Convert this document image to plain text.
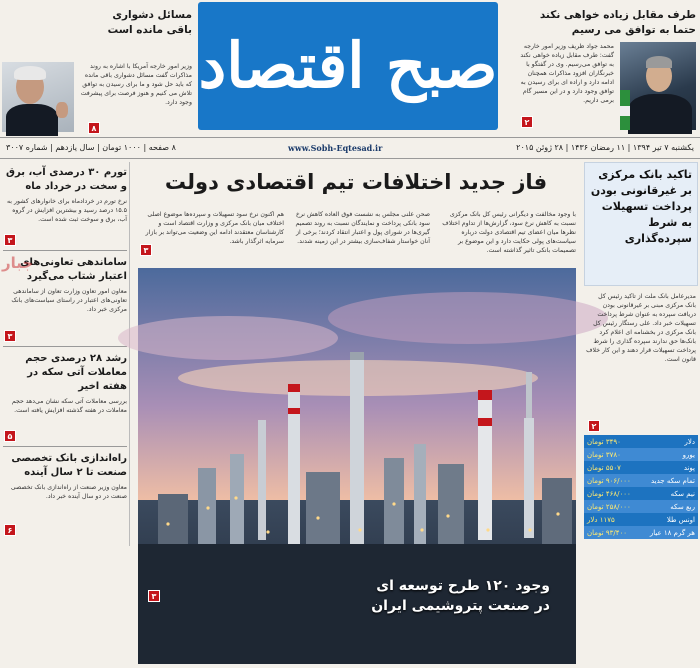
صبح اقتصاد
طرف مقابل زیاده خواهی نکند
حتما به توافق می رسیم
محمد جواد ظریف وزیر امور خارجه گفت: طرف مقابل زیاده خواهی نکند به توافق می‌رسیم. وی در گفتگو با خبرنگاران افزود مذاکرات همچنان ادامه دارد و اراده ای برای رسیدن به توافق وجود دارد و در این مسیر گام برمی داریم.
۲
مسائل دشواری
باقی مانده است
وزیر امور خارجه آمریکا با اشاره به روند مذاکرات گفت مسائل دشواری باقی مانده که باید حل شود و ما برای رسیدن به توافق تلاش می کنیم و هنوز فرصت برای پیشرفت وجود دارد.
۸
۸ صفحه | ۱۰۰۰ تومان | سال یازدهم | شماره ۳۰۰۷	www.Sobh-Eqtesad.ir	یکشنبه ۷ تیر ۱۳۹۴ | ۱۱ رمضان ۱۴۳۶ | ۲۸ ژوئن ۲۰۱۵
تورم ۳۰ درصدی آب، برق و سخت در خرداد ماه
نرخ تورم در خردادماه برای خانوارهای کشور به ۱۵.۵ درصد رسید و بیشترین افزایش در گروه آب، برق و سوخت ثبت شده است.
۳
ساماندهی تعاونی‌های اعتبار شتاب می‌گیرد
معاون امور تعاون وزارت تعاون از ساماندهی تعاونی‌های اعتبار در راستای سیاست‌های بانک مرکزی خبر داد.
جبار
۳
رشد ۲۸ درصدی حجم معاملات آتی سکه در هفته اخیر
بررسی معاملات آتی سکه نشان می‌دهد حجم معاملات در هفته گذشته افزایش یافته است.
۵
راه‌اندازی بانک تخصصی صنعت تا ۲ سال آینده
معاون وزیر صنعت از راه‌اندازی بانک تخصصی صنعت در دو سال آینده خبر داد.
۶
فاز جدید اختلافات تیم اقتصادی دولت
با وجود مخالفت و دیگرانی رئیس کل بانک مرکزی نسبت به کاهش نرخ سود، گزارش‌ها از تداوم اختلاف نظرها میان اعضای تیم اقتصادی دولت درباره سیاست‌های پولی حکایت دارد و این موضوع بر تصمیمات بانکی تاثیر گذاشته است.
صحن علنی مجلس به نشست فوق العاده کاهش نرخ سود بانکی پرداخت و نمایندگان نسبت به روند تصمیم گیری‌ها در شورای پول و اعتبار انتقاد کردند؛ برخی از آنان خواستار شفاف‌سازی بیشتر در این زمینه شدند.
هم اکنون نرخ سود تسهیلات و سپرده‌ها موضوع اصلی اختلاف میان بانک مرکزی و وزارت اقتصاد است و کارشناسان معتقدند ادامه این وضعیت می‌تواند بر بازار سرمایه اثرگذار باشد.
۳
وجود ۱۲۰ طرح توسعه ای
در صنعت پتروشیمی ایران
۳
تاکید بانک مرکزی بر غیرقانونی بودن پرداخت تسهیلات به شرط سپرده‌گذاری
مدیرعامل بانک ملت از تاکید رئیس کل بانک مرکزی مبنی بر غیرقانونی بودن دریافت سپرده به عنوان شرط پرداخت تسهیلات خبر داد. علی رستگار رئیس کل بانک مرکزی در بخشنامه ای اعلام کرد بانک‌ها حق ندارند سپرده گذاری را شرط پرداخت تسهیلات قرار دهند و این کار خلاف قانون است.
۲
۳۴۹۰ تومان	دلار
۳۷۸۰ تومان	یورو
۵۵۰۷ تومان	پوند
۹۰۶/۰۰۰ تومان	تمام سکه جدید
۴۶۸/۰۰۰ تومان	نیم سکه
۲۵۸/۰۰۰ تومان	ربع سکه
۱۱۷۵ دلار	اونس طلا
۹۳/۴۰۰ تومان	هر گرم ۱۸ عیار
